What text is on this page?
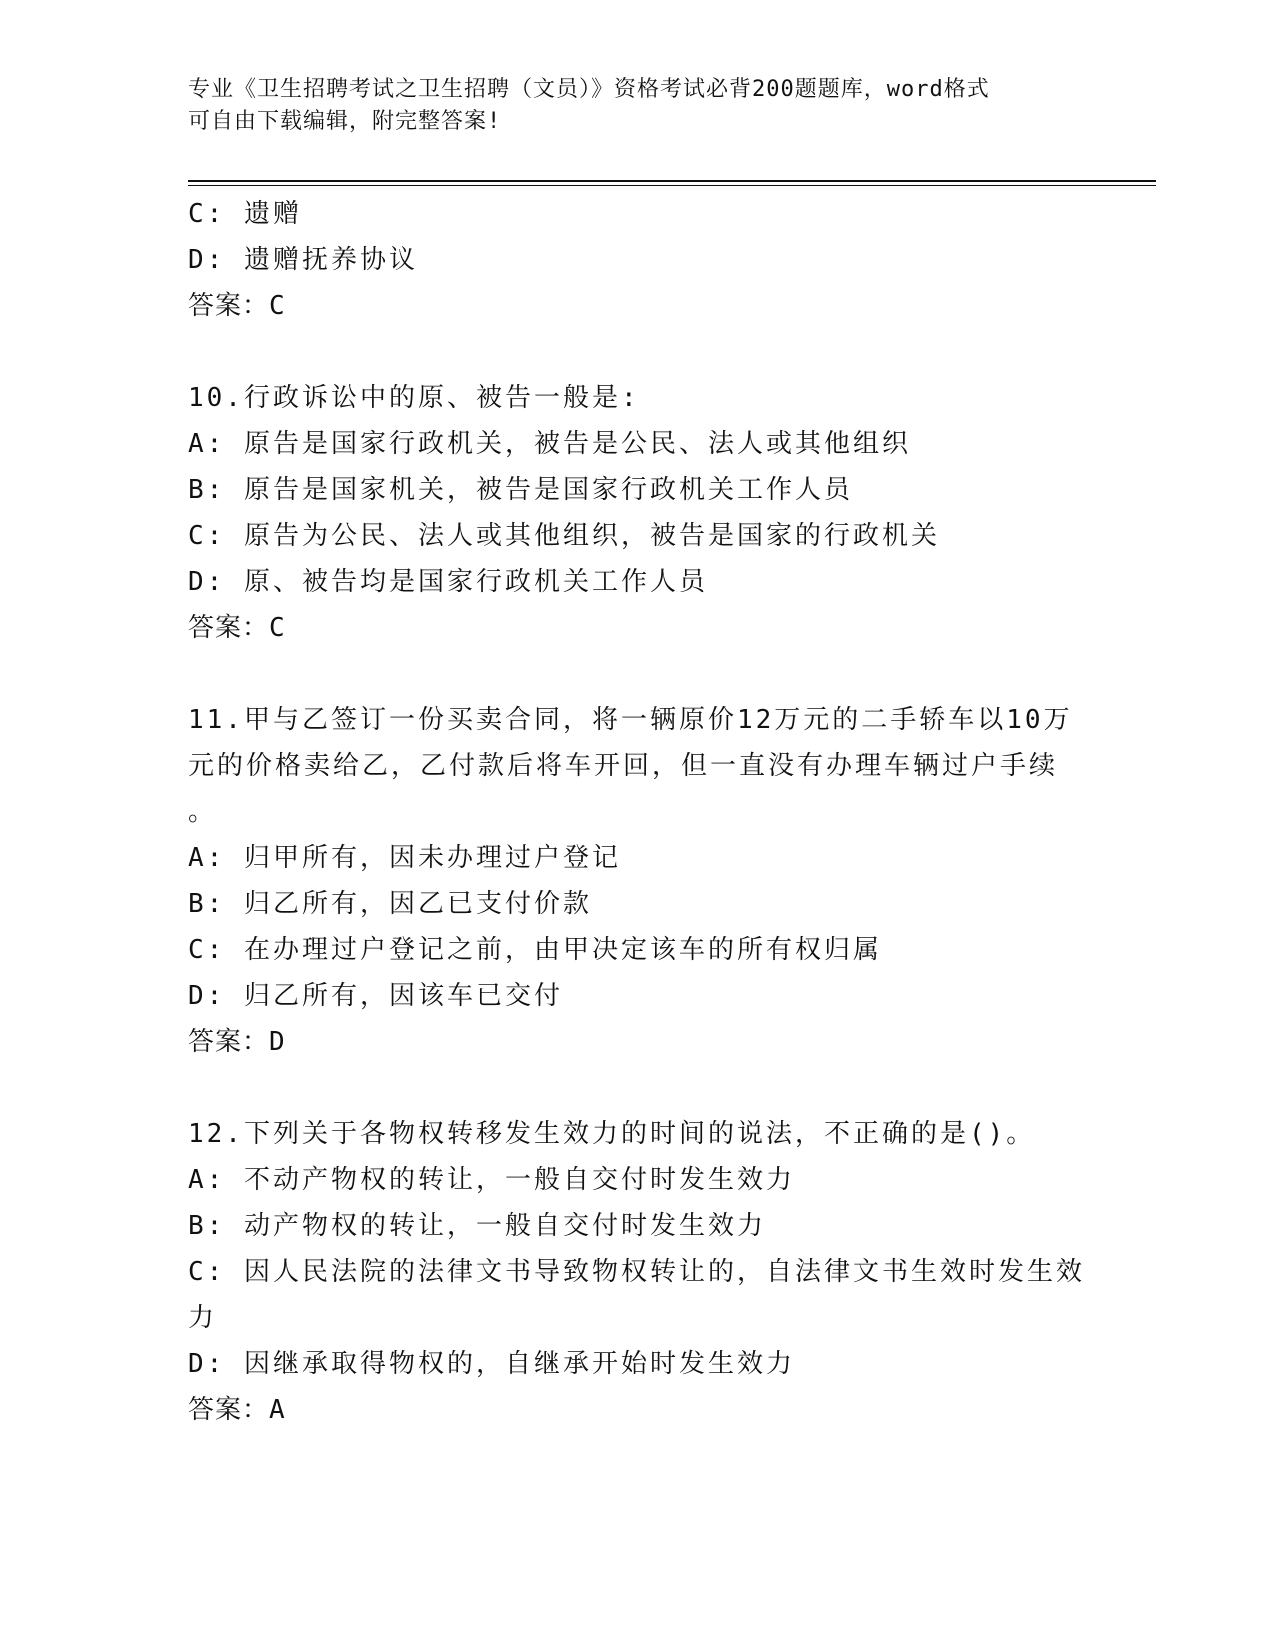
专业《卫生招聘考试之卫生招聘（文员）》资格考试必背200题题库，word格式
可自由下载编辑，附完整答案!
C: 遗赠
D: 遗赠抚养协议
答案：C
10.行政诉讼中的原、被告一般是:
A: 原告是国家行政机关，被告是公民、法人或其他组织
B: 原告是国家机关，被告是国家行政机关工作人员
C: 原告为公民、法人或其他组织，被告是国家的行政机关
D: 原、被告均是国家行政机关工作人员
答案：C
11.甲与乙签订一份买卖合同，将一辆原价12万元的二手轿车以10万
元的价格卖给乙，乙付款后将车开回，但一直没有办理车辆过户手续
。
A: 归甲所有，因未办理过户登记
B: 归乙所有，因乙已支付价款
C: 在办理过户登记之前，由甲决定该车的所有权归属
D: 归乙所有，因该车已交付
答案：D
12.下列关于各物权转移发生效力的时间的说法，不正确的是()。
A: 不动产物权的转让，一般自交付时发生效力
B: 动产物权的转让，一般自交付时发生效力
C: 因人民法院的法律文书导致物权转让的，自法律文书生效时发生效
力
D: 因继承取得物权的，自继承开始时发生效力
答案：A
